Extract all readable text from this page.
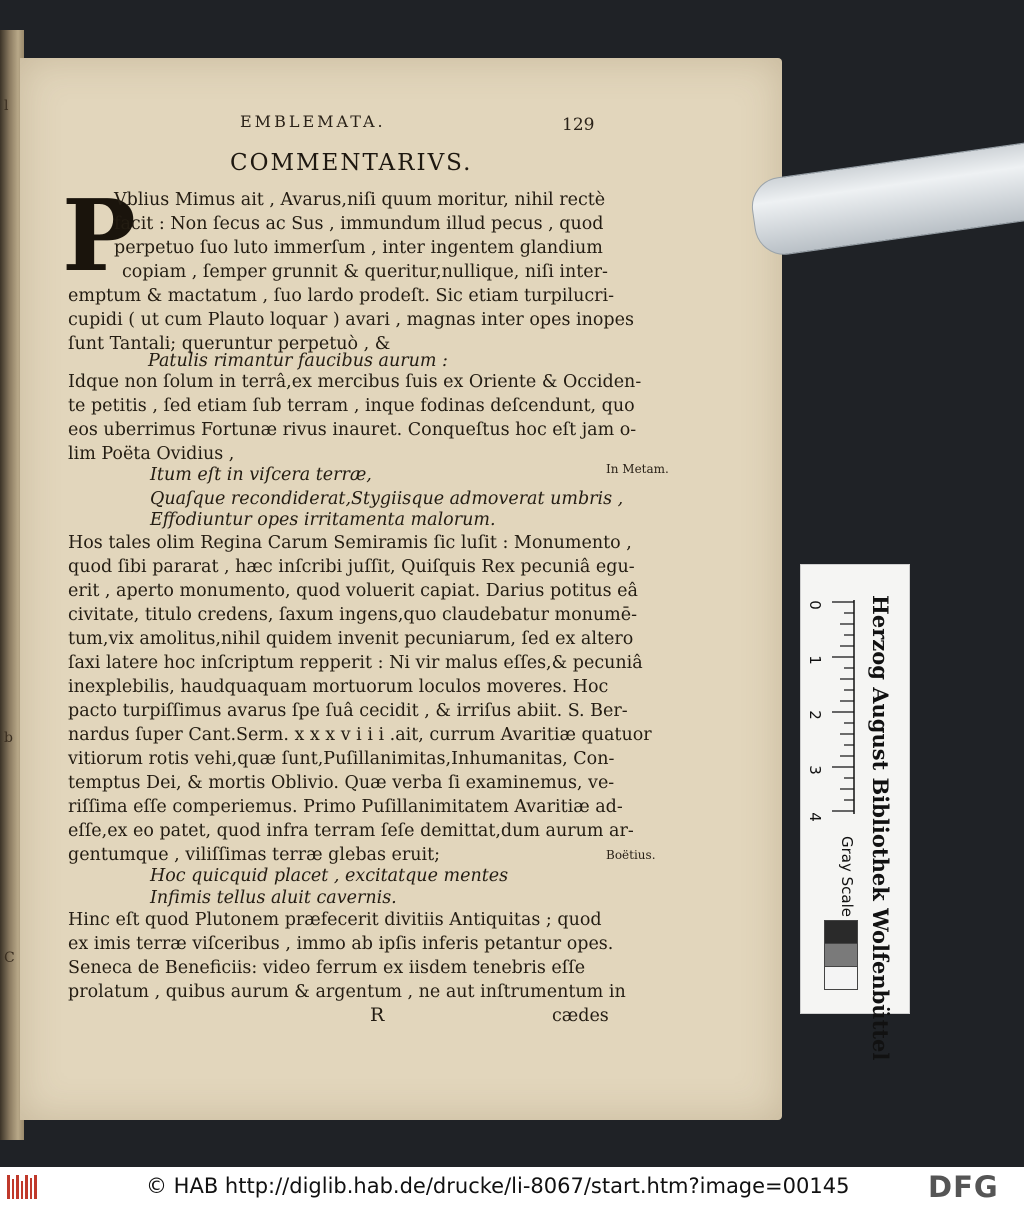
l
b
C
EMBLEMATA.	129
COMMENTARIVS.
P
Vblius Mimus ait , Avarus,niſi quum moritur, nihil rectè
facit : Non ſecus ac Sus , immundum illud pecus , quod
perpetuo ſuo luto immerſum , inter ingentem glandium
copiam , ſemper grunnit & queritur,nullique, niſi inter-
emptum & mactatum , ſuo lardo prodeſt. Sic etiam turpilucri-
cupidi ( ut cum Plauto loquar ) avari , magnas inter opes inopes
ſunt Tantali; queruntur perpetuò , &
Patulis rimantur faucibus aurum :
Idque non ſolum in terrâ,ex mercibus ſuis ex Oriente & Occiden-
te petitis , ſed etiam ſub terram , inque fodinas deſcendunt, quo
eos uberrimus Fortunæ rivus inauret. Conqueſtus hoc eſt jam o-
lim Poëta Ovidius ,
Itum eſt in viſcera terræ,
Quaſque recondiderat,Stygiisque admoverat umbris ,
Effodiuntur opes irritamenta malorum.
Hos tales olim Regina Carum Semiramis ſic luſit : Monumento ,
quod ſibi pararat , hæc inſcribi juſſit, Quiſquis Rex pecuniâ egu-
erit , aperto monumento, quod voluerit capiat. Darius potitus eâ
civitate, titulo credens, ſaxum ingens,quo claudebatur monumē-
tum,vix amolitus,nihil quidem invenit pecuniarum, ſed ex altero
ſaxi latere hoc inſcriptum repperit : Ni vir malus eſſes,& pecuniâ
inexplebilis, haudquaquam mortuorum loculos moveres. Hoc
pacto turpiſſimus avarus ſpe ſuâ cecidit , & irriſus abiit. S. Ber-
nardus ſuper Cant.Serm. x x x v i i i .ait, currum Avaritiæ quatuor
vitiorum rotis vehi,quæ ſunt,Puſillanimitas,Inhumanitas, Con-
temptus Dei, & mortis Oblivio. Quæ verba ſi examinemus, ve-
riſſima eſſe comperiemus. Primo Puſillanimitatem Avaritiæ ad-
eſſe,ex eo patet, quod infra terram ſeſe demittat,dum aurum ar-
gentumque , viliſſimas terræ glebas eruit;
Hoc quicquid placet , excitatque mentes
Infimis tellus aluit cavernis.
Hinc eſt quod Plutonem præfecerit divitiis Antiquitas ; quod
ex imis terræ viſceribus , immo ab ipſis inferis petantur opes.
Seneca de Beneficiis: video ferrum ex iisdem tenebris eſſe
prolatum , quibus aurum & argentum , ne aut inſtrumentum in
R	cædes
In Metam.
Boëtius.	Herzog August Bibliothek Wolfenbüttel
0
1
2
3
4
Gray Scale
© HAB http://diglib.hab.de/drucke/li-8067/start.htm?image=00145	DFG
